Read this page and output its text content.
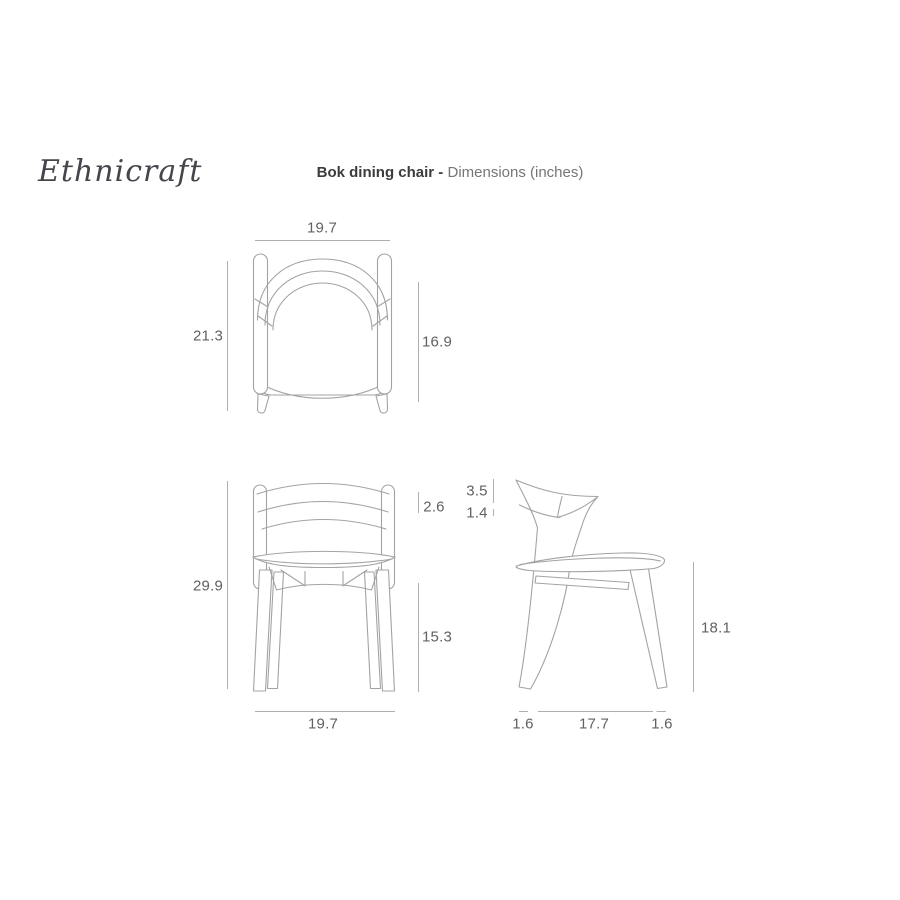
Ethnicraft	Bok dining chair - Dimensions (inches)
19.7
21.3	16.9
29.9
2.6
15.3
19.7
3.5
1.4
18.1
1.6	17.7	1.6
